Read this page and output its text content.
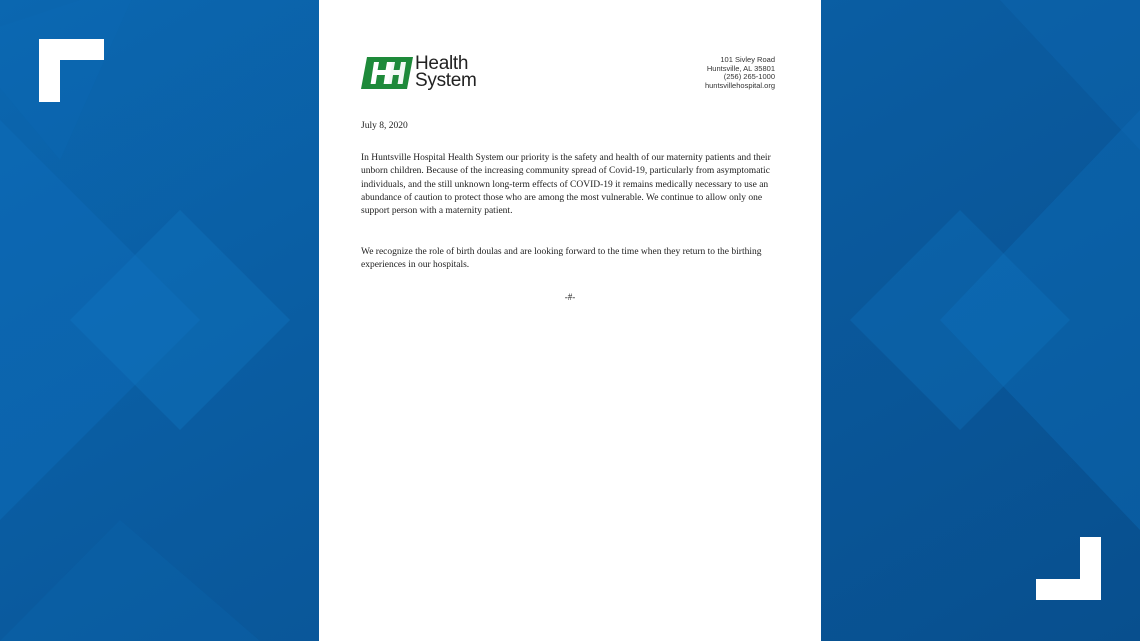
Health
System
101 Sivley Road
Huntsville, AL 35801
(256) 265-1000
huntsvillehospital.org
July 8, 2020

In Huntsville Hospital Health System our priority is the safety and health of our maternity patients and their unborn children. Because of the increasing community spread of Covid-19, particularly from asymptomatic individuals, and the still unknown long-term effects of COVID-19 it remains medically necessary to use an abundance of caution to protect those who are among the most vulnerable. We continue to allow only one support person with a maternity patient.

We recognize the role of birth doulas and are looking forward to the time when they return to the birthing experiences in our hospitals.

-#-
